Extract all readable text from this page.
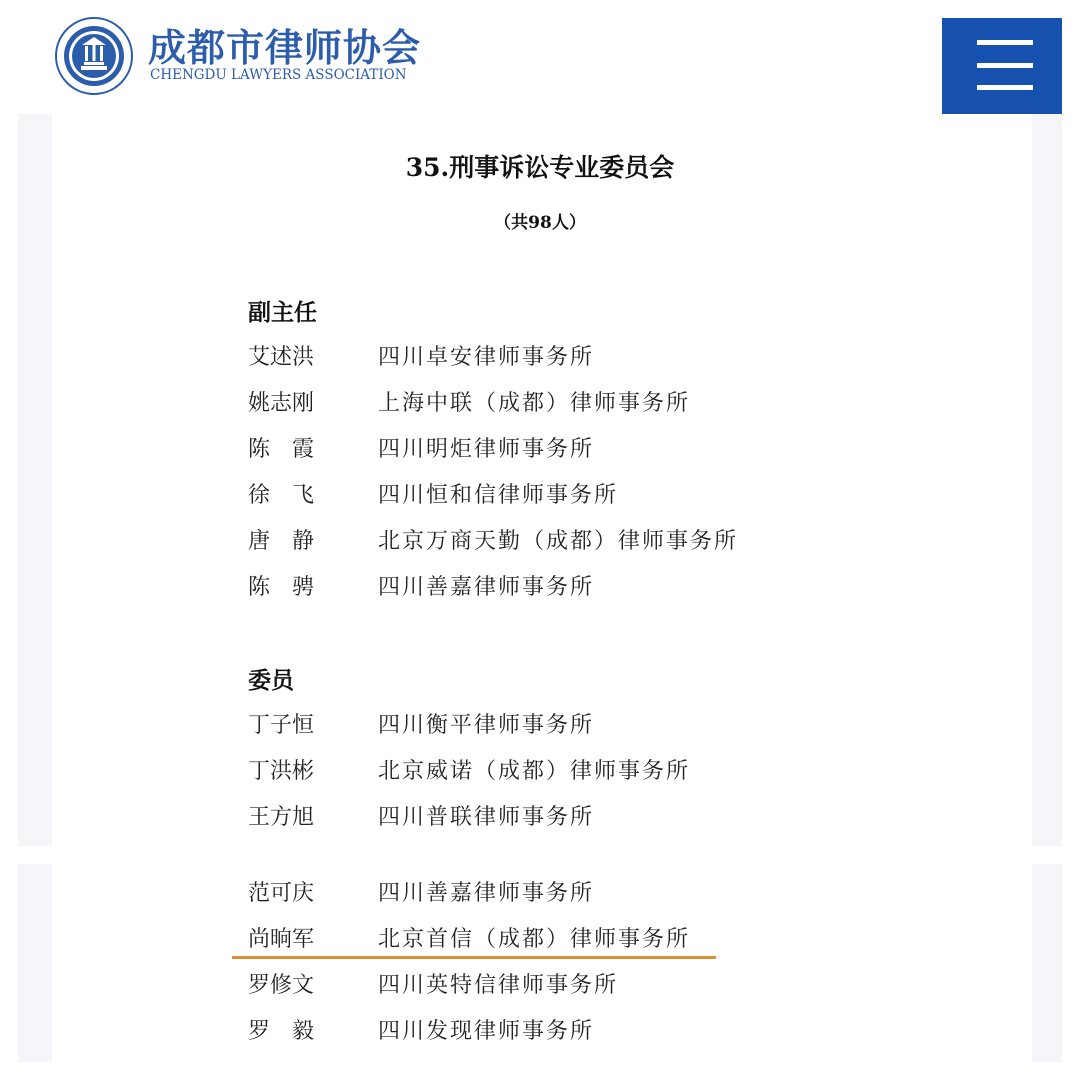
成都市律师协会
CHENGDU LAWYERS ASSOCIATION
35.刑事诉讼专业委员会
（共98人）
副主任
艾述洪	四川卓安律师事务所
姚志刚	上海中联（成都）律师事务所
陈　霞	四川明炬律师事务所
徐　飞	四川恒和信律师事务所
唐　静	北京万商天勤（成都）律师事务所
陈　骋	四川善嘉律师事务所
委员
丁子恒	四川衡平律师事务所
丁洪彬	北京威诺（成都）律师事务所
王方旭	四川普联律师事务所
范可庆	四川善嘉律师事务所
尚晌军	北京首信（成都）律师事务所
罗修文	四川英特信律师事务所
罗　毅	四川发现律师事务所
